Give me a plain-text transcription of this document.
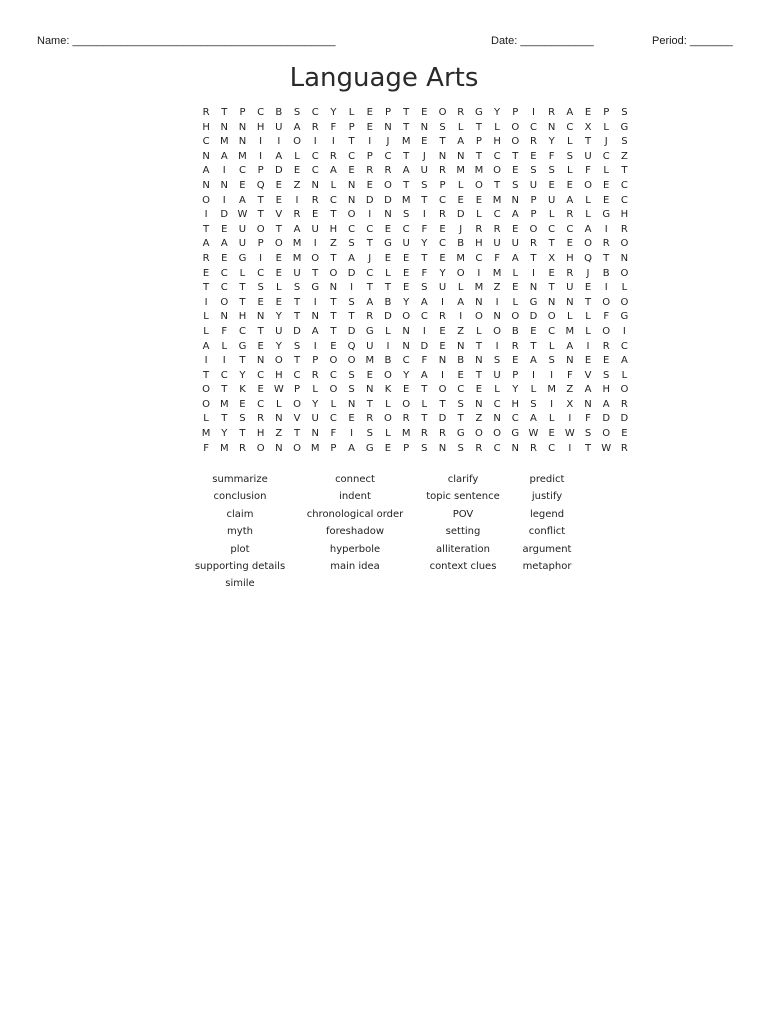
Name: ___________________________________________	Date: ____________	Period: _______
Language Arts
R	T	P	C	B	S	C	Y	L	E	P	T	E	O	R	G	Y	P	I	R	A	E	P	S
H	N	N	H	U	A	R	F	P	E	N	T	N	S	L	T	L	O	C	N	C	X	L	G
C	M	N	I	I	O	I	I	T	I	J	M	E	T	A	P	H	O	R	Y	L	T	J	S
N	A	M	I	A	L	C	R	C	P	C	T	J	N	N	T	C	T	E	F	S	U	C	Z
A	I	C	P	D	E	C	A	E	R	R	A	U	R	M M O	E	S	S	L	F	L	T
N	N	E	Q	E	Z	N	L	N	E	O	T	S	P	L	O	T	S	U	E	E	O	E	C
O	I	A	T	E	I	R	C	N	D	D	M	T	C	E	E	M	N	P	U	A	L	E	C
I	D W	T	V	R	E	T	O	I	N	S	I	R	D	L	C	A	P	L	R	L	G	H
T	E	U	O	T	A	U	H	C	C	E	C	F	E	J	R	R	E	O	C	C	A	I	R
A	A	U	P	O M	I	Z	S	T	G	U	Y	C	B	H	U	U	R	T	E	O	R	O
R	E	G	I	E	M O	T	A	J	E	E	T	E	M	C	F	A	T	X	H	Q	T	N
E	C	L	C	E	U	T	O	D	C	L	E	F	Y	O	I	M	L	I	E	R	J	B	O
T	C	T	S	L	S	G	N	I	T	T	E	S	U	L	M	Z	E	N	T	U	E	I	L
I	O	T	E	E	T	I	T	S	A	B	Y	A	I	A	N	I	L	G	N	N	T	O	O
L	N	H	N	Y	T	N	T	T	R	D	O	C	R	I	O	N	O	D	O	L	L	F	G
L	F	C	T	U	D	A	T	D	G	L	N	I	E	Z	L	O	B	E	C	M	L	O	I
A	L	G	E	Y	S	I	E	Q	U	I	N	D	E	N	T	I	R	T	L	A	I	R	C
I	I	T	N	O	T	P	O	O M	B	C	F	N	B	N	S	E	A	S	N	E	E	A
T	C	Y	C	H	C	R	C	S	E	O	Y	A	I	E	T	U	P	I	I	F	V	S	L
O	T	K	E	W	P	L	O	S	N	K	E	T	O	C	E	L	Y	L	M	Z	A	H	O
O M	E	C	L	O	Y	L	N	T	L	O	L	T	S	N	C	H	S	I	X	N	A	R
L	T	S	R	N	V	U	C	E	R	O	R	T	D	T	Z	N	C	A	L	I	F	D	D
M	Y	T	H	Z	T	N	F	I	S	L	M	R	R	G	O	O	G W	E	W	S	O	E
F	M	R	O	N	O M	P	A	G	E	P	S	N	S	R	C	N	R	C	I	T	W R
summarize	connect	clarify	predict
conclusion	indent	topic sentence	justify
claim	chronological order	POV	legend
myth	foreshadow	setting	conflict
plot	hyperbole	alliteration	argument
supporting details	main idea	context clues	metaphor
simile
